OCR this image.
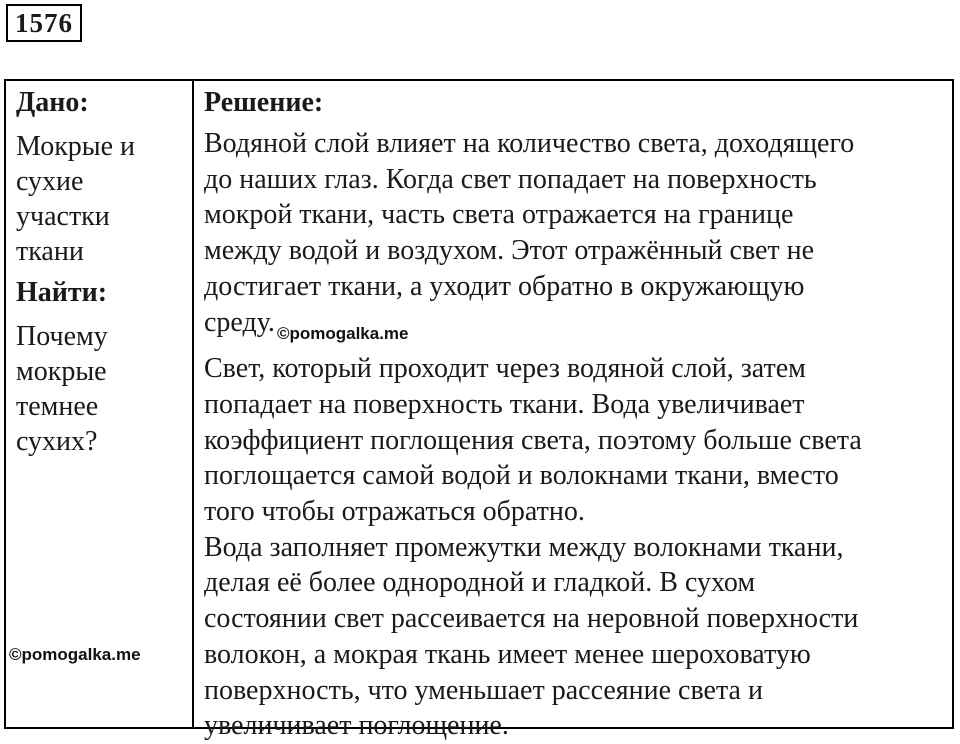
1576

Дано:

Мокрые и
сухие
участки
ткани

Найти:

Почему
мокрые
темнее
сухих?
©pomogalka.me

Решение:

Водяной слой влияет на количество света, доходящего
до наших глаз. Когда свет попадает на поверхность
мокрой ткани, часть света отражается на границе
между водой и воздухом. Этот отражённый свет не
достигает ткани, а уходит обратно в окружающую
среду. ©pomogalka.me
Свет, который проходит через водяной слой, затем
попадает на поверхность ткани. Вода увеличивает
коэффициент поглощения света, поэтому больше света
поглощается самой водой и волокнами ткани, вместо
того чтобы отражаться обратно.
Вода заполняет промежутки между волокнами ткани,
делая её более однородной и гладкой. В сухом
состоянии свет рассеивается на неровной поверхности
волокон, а мокрая ткань имеет менее шероховатую
поверхность, что уменьшает рассеяние света и
увеличивает поглощение.
